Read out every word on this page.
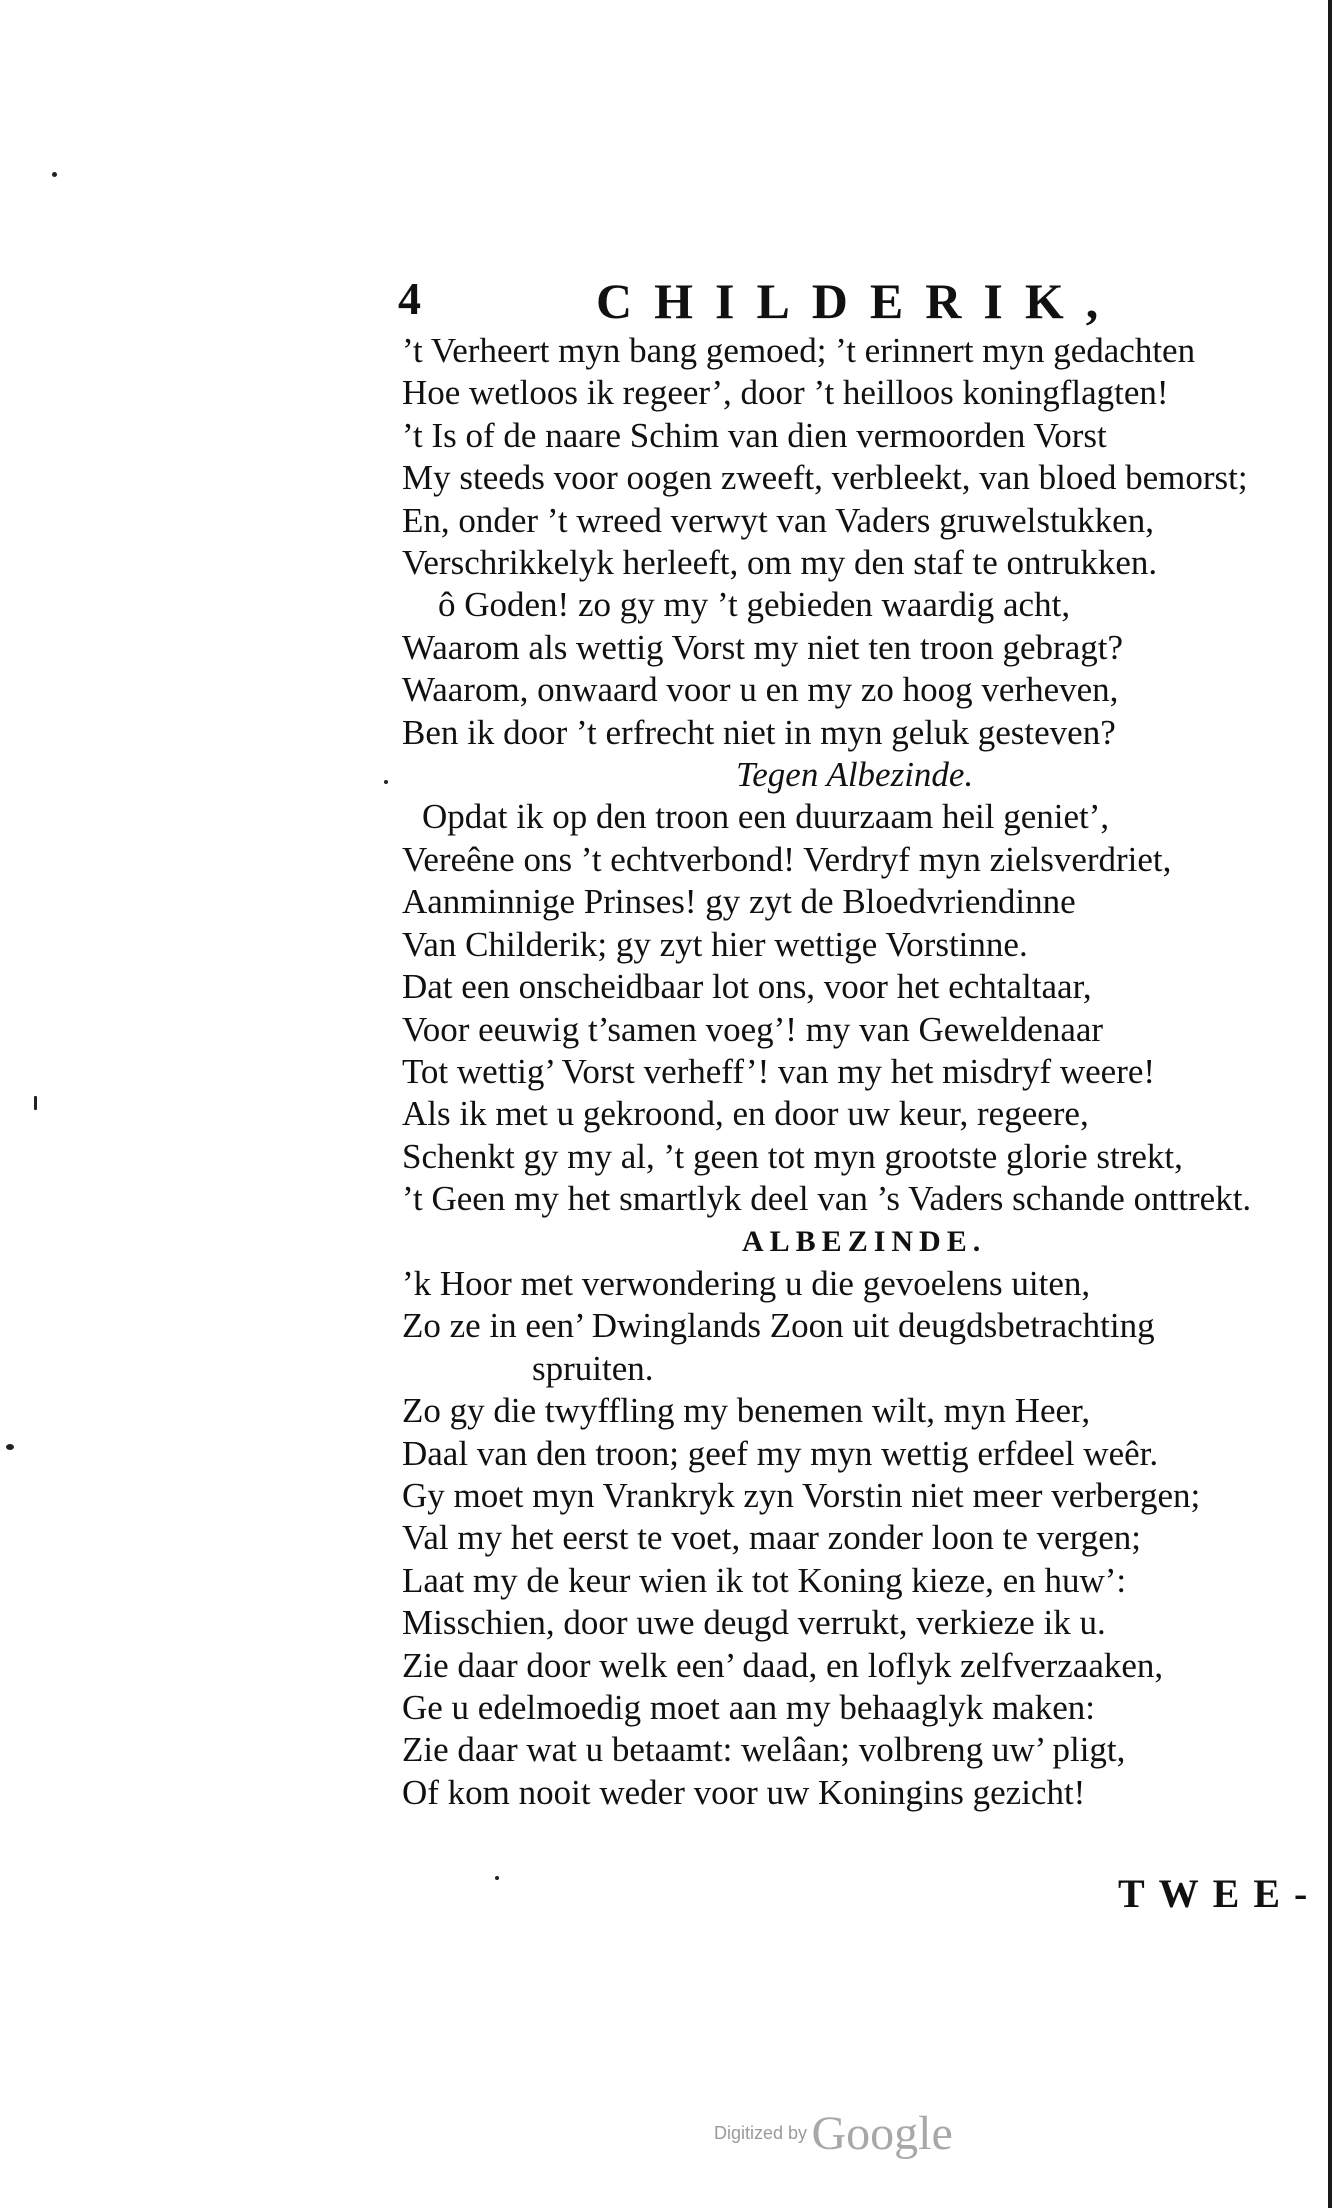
4	CHILDERIK,
’t Verheert myn bang gemoed; ’t erinnert myn gedachten
Hoe wetloos ik regeer’, door ’t heilloos koningflagten!
’t Is of de naare Schim van dien vermoorden Vorst
My steeds voor oogen zweeft, verbleekt, van bloed bemorst;
En, onder ’t wreed verwyt van Vaders gruwelstukken,
Verschrikkelyk herleeft, om my den staf te ontrukken.
ô Goden! zo gy my ’t gebieden waardig acht,
Waarom als wettig Vorst my niet ten troon gebragt?
Waarom, onwaard voor u en my zo hoog verheven,
Ben ik door ’t erfrecht niet in myn geluk gesteven?
Tegen Albezinde.
Opdat ik op den troon een duurzaam heil geniet’,
Vereêne ons ’t echtverbond! Verdryf myn zielsverdriet,
Aanminnige Prinses! gy zyt de Bloedvriendinne
Van Childerik; gy zyt hier wettige Vorstinne.
Dat een onscheidbaar lot ons, voor het echtaltaar,
Voor eeuwig t’samen voeg’! my van Geweldenaar
Tot wettig’ Vorst verheff’! van my het misdryf weere!
Als ik met u gekroond, en door uw keur, regeere,
Schenkt gy my al, ’t geen tot myn grootste glorie strekt,
’t Geen my het smartlyk deel van ’s Vaders schande onttrekt.
ALBEZINDE.
’k Hoor met verwondering u die gevoelens uiten,
Zo ze in een’ Dwinglands Zoon uit deugdsbetrachting
spruiten.
Zo gy die twyffling my benemen wilt, myn Heer,
Daal van den troon; geef my myn wettig erfdeel weêr.
Gy moet myn Vrankryk zyn Vorstin niet meer verbergen;
Val my het eerst te voet, maar zonder loon te vergen;
Laat my de keur wien ik tot Koning kieze, en huw’:
Misschien, door uwe deugd verrukt, verkieze ik u.
Zie daar door welk een’ daad, en loflyk zelfverzaaken,
Ge u edelmoedig moet aan my behaaglyk maken:
Zie daar wat u betaamt: welâan; volbreng uw’ pligt,
Of kom nooit weder voor uw Koningins gezicht!
TWEE-
Digitized by Google
